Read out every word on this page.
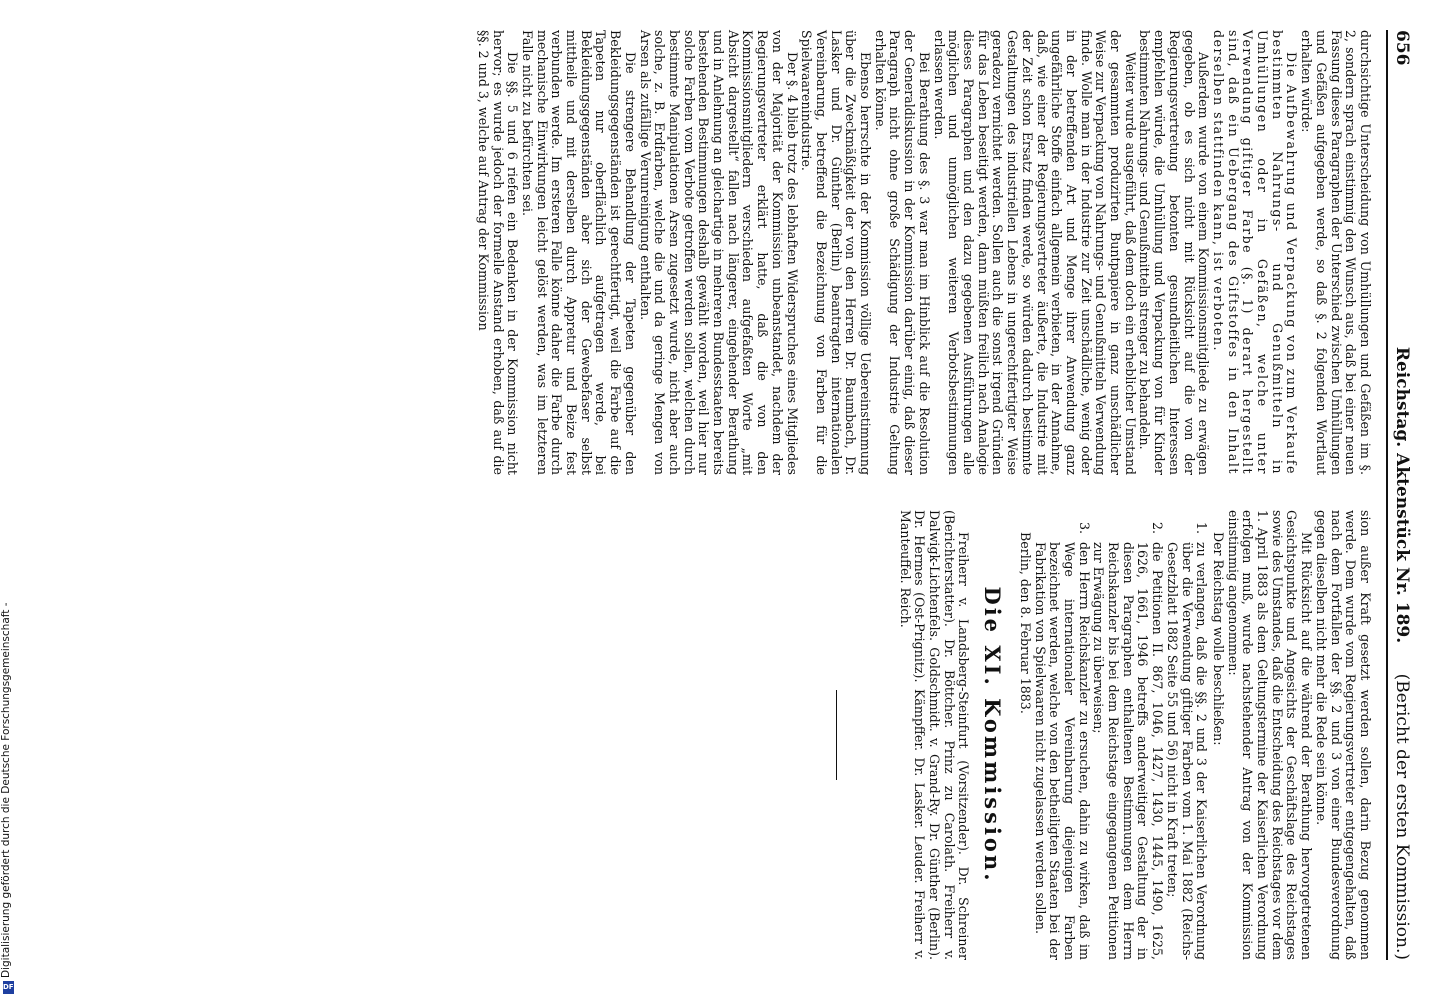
656
Reichstag. Aktenstück Nr. 189.
(Bericht der ersten Kommission.)

durchsichtige Unterscheidung von Umhüllungen und Gefäßen im §. 2, sondern sprach einstimmig den Wunsch aus, daß bei einer neuen Fassung dieses Paragraphen der Unterschied zwischen Umhüllungen und Gefäßen aufgegeben werde, so daß §. 2 folgenden Wortlaut erhalten würde:

Die Aufbewahrung und Verpackung von zum Verkaufe bestimmten Nahrungs- und Genußmitteln in Umhüllungen oder in Gefäßen, welche unter Verwendung giftiger Farbe (§. 1) derart hergestellt sind, daß ein Uebergang des Giftstoffes in den Inhalt derselben stattfinden kann, ist verboten.

Außerdem wurde von einem Kommissionsmitgliede zu erwägen gegeben, ob es sich nicht mit Rücksicht auf die von der Regierungsvertretung betonten gesundheitlichen Interessen empfehlen würde, die Umhüllung und Verpackung von für Kinder bestimmten Nahrungs- und Genußmitteln strenger zu behandeln.

Weiter wurde ausgeführt, daß dem doch ein erheblicher Umstand der gesammten produzirten Buntpapiere in ganz unschädlicher Weise zur Verpackung von Nahrungs- und Genußmitteln Verwendung finde. Wolle man in der Industrie zur Zeit unschädliche, wenig oder in der betreffenden Art und Menge ihrer Anwendung ganz ungefährliche Stoffe einfach allgemein verbieten, in der Annahme, daß, wie einer der Regierungsvertreter äußerte, die Industrie mit der Zeit schon Ersatz finden werde, so würden dadurch bestimmte Gestaltungen des industriellen Lebens in ungerechtfertigter Weise geradezu vernichtet werden. Sollen auch die sonst irgend Gründen für das Leben beseitigt werden, dann müßten freilich nach Analogie dieses Paragraphen und den dazu gegebenen Ausführungen alle möglichen und unmöglichen weiteren Verbotsbestimmungen erlassen werden.

Bei Berathung des §. 3 war man im Hinblick auf die Resolution der Generaldiskussion in der Kommission darüber einig, daß dieser Paragraph nicht ohne große Schädigung der Industrie Geltung erhalten könne.

Ebenso herrschte in der Kommission völlige Uebereinstimmung über die Zweckmäßigkeit der von den Herren Dr. Baumbach, Dr. Lasker und Dr. Günther (Berlin) beantragten internationalen Vereinbarung, betreffend die Bezeichnung von Farben für die Spielwaarenindustrie.

Der §. 4 blieb trotz des lebhaften Widerspruches eines Mitgliedes von der Majorität der Kommission unbeanstandet, nachdem der Regierungsvertreter erklärt hatte, daß die von den Kommissionsmitgliedern verschieden aufgefaßten Worte „mit Absicht dargestellt“ fallen nach längerer, eingehender Berathung und in Anlehnung an gleichartige in mehreren Bundesstaaten bereits bestehenden Bestimmungen deshalb gewählt worden, weil hier nur solche Farben vom Verbote getroffen werden sollen, welchen durch bestimmte Manipulationen Arsen zugesetzt wurde, nicht aber auch solche, z. B. Erdfarben, welche die und da geringe Mengen von Arsen als zufällige Verunreinigung enthalten.

Die strengere Behandlung der Tapeten gegenüber den Bekleidungsgegenständen ist gerechtfertigt, weil die Farbe auf die Tapeten nur oberflächlich aufgetragen werde, bei Bekleidungsgegenständen aber sich der Gewebefaser selbst mittheile und mit derselben durch Appretur und Beize fest verbunden werde. Im ersteren Falle könne daher die Farbe durch mechanische Einwirkungen leicht gelöst werden, was im letzteren Falle nicht zu befürchten sei.

Die §§. 5 und 6 riefen ein Bedenken in der Kommission nicht hervor; es wurde jedoch der formelle Anstand erhoben, daß auf die §§. 2 und 3, welche auf Antrag der Kommission

sion außer Kraft gesetzt werden sollen, darin Bezug genommen werde. Dem wurde vom Regierungsvertreter entgegengehalten, daß nach dem Fortfallen der §§. 2 und 3 von einer Bundesverordnung gegen dieselben nicht mehr die Rede sein könne.

Mit Rücksicht auf die während der Berathung hervorgetretenen Gesichtspunkte und Angesichts der Geschäftslage des Reichstages sowie des Umstandes, daß die Entscheidung des Reichstages vor dem 1. April 1883 als dem Geltungstermine der Kaiserlichen Verordnung erfolgen muß, wurde nachstehender Antrag von der Kommission einstimmig angenommen:

Der Reichstag wolle beschließen:

1. zu verlangen, daß die §§. 2 und 3 der Kaiserlichen Verordnung über die Verwendung giftiger Farben vom 1. Mai 1882 (Reichs-Gesetzblatt 1882 Seite 55 und 56) nicht in Kraft treten;
2. die Petitionen II. 867, 1046, 1427, 1430, 1445, 1490, 1625, 1626, 1661, 1946 betreffs anderweitiger Gestaltung der in diesen Paragraphen enthaltenen Bestimmungen dem Herrn Reichskanzler bis bei dem Reichstage eingegangenen Petitionen zur Erwägung zu überweisen;
3. den Herrn Reichskanzler zu ersuchen, dahin zu wirken, daß im Wege internationaler Vereinbarung diejenigen Farben bezeichnet werden, welche von den betheiligten Staaten bei der Fabrikation von Spielwaaren nicht zugelassen werden sollen.

Berlin, den 8. Februar 1883.

Die XI. Kommission.

Freiherr v. Landsberg-Steinfurt (Vorsitzender). Dr. Schreiner (Berichterstatter). Dr. Böttcher. Prinz zu Carolath. Freiherr v. Dalwigk-Lichtenfels. Goldschmidt. v. Grand-Ry. Dr. Günther (Berlin). Dr. Hermes (Ost-Prignitz). Kämpffer. Dr. Lasker. Leuder. Freiherr v. Manteuffel. Reich.

Digitalisierung gefördert durch die Deutsche Forschungsgemeinschaft -
DFG
